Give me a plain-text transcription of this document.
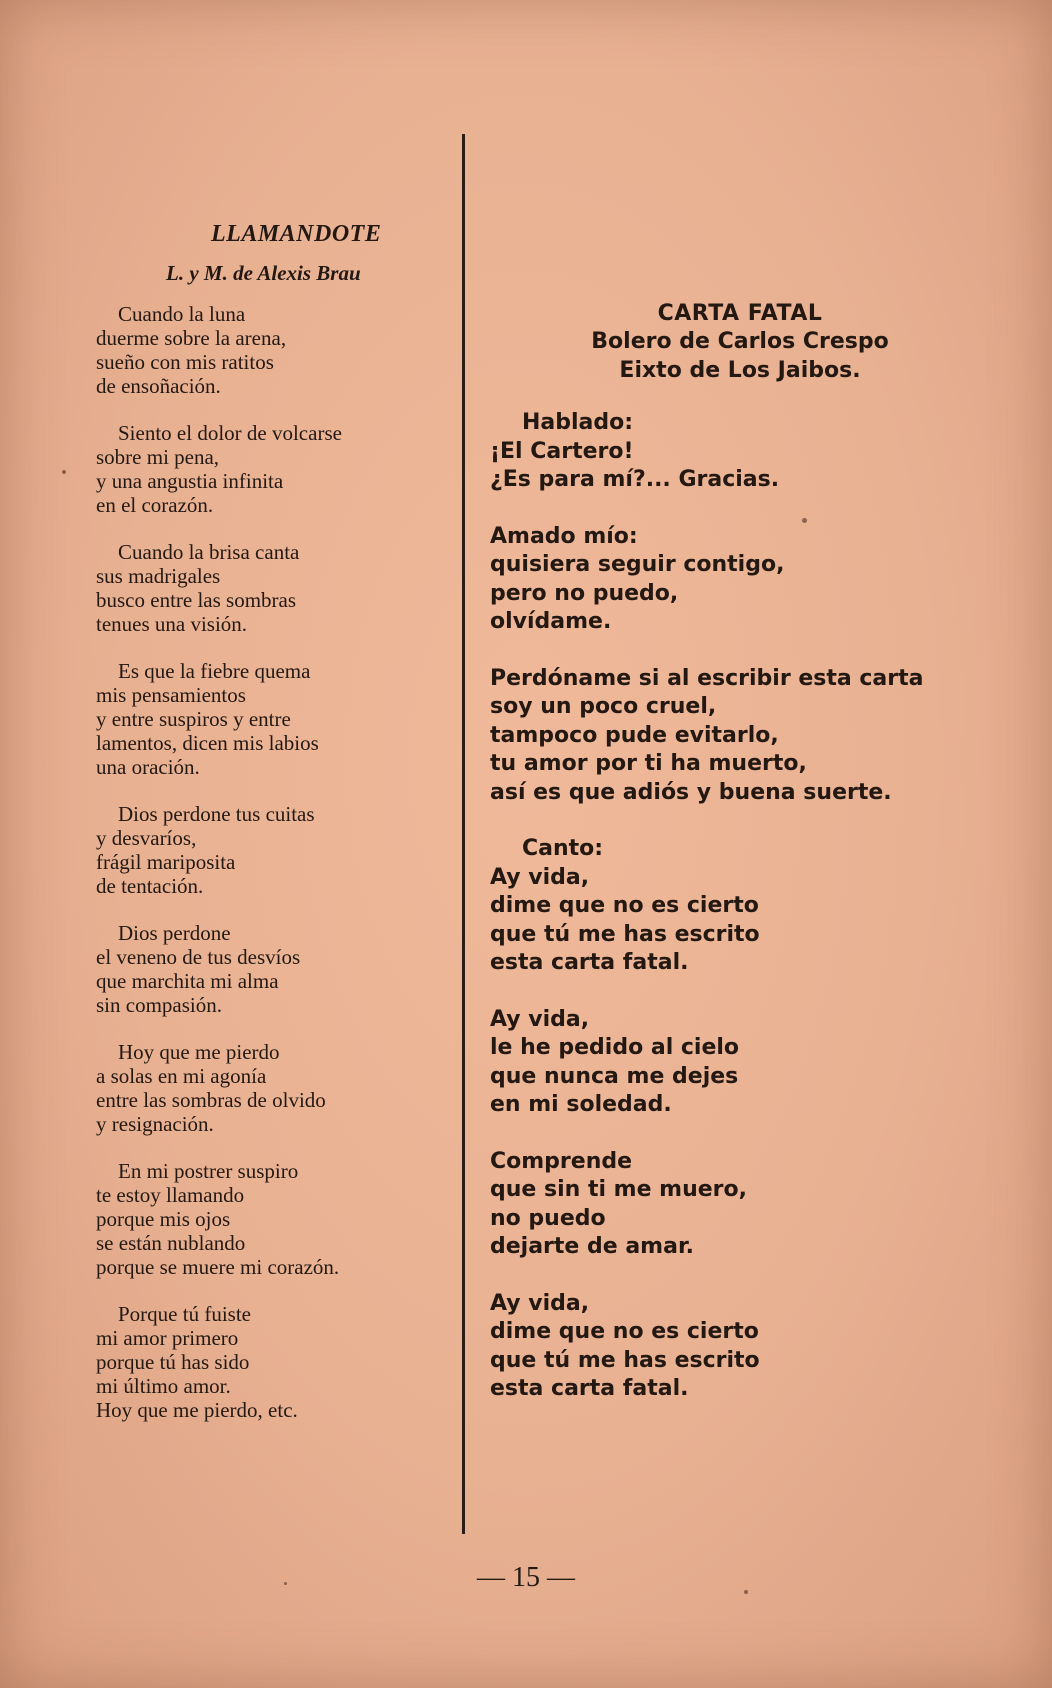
LLAMANDOTE
L. y M. de Alexis Brau
Cuando la luna
duerme sobre la arena,
sueño con mis ratitos
de ensoñación.
Siento el dolor de volcarse
sobre mi pena,
y una angustia infinita
en el corazón.
Cuando la brisa canta
sus madrigales
busco entre las sombras
tenues una visión.
Es que la fiebre quema
mis pensamientos
y entre suspiros y entre
lamentos, dicen mis labios
una oración.
Dios perdone tus cuitas
y desvaríos,
frágil mariposita
de tentación.
Dios perdone
el veneno de tus desvíos
que marchita mi alma
sin compasión.
Hoy que me pierdo
a solas en mi agonía
entre las sombras de olvido
y resignación.
En mi postrer suspiro
te estoy llamando
porque mis ojos
se están nublando
porque se muere mi corazón.
Porque tú fuiste
mi amor primero
porque tú has sido
mi último amor.
Hoy que me pierdo, etc.
CARTA FATAL
Bolero de Carlos Crespo
Eixto de Los Jaibos.
Hablado:
¡El Cartero!
¿Es para mí?... Gracias.
Amado mío:
quisiera seguir contigo,
pero no puedo,
olvídame.
Perdóname si al escribir esta carta
soy un poco cruel,
tampoco pude evitarlo,
tu amor por ti ha muerto,
así es que adiós y buena suerte.
Canto:
Ay vida,
dime que no es cierto
que tú me has escrito
esta carta fatal.
Ay vida,
le he pedido al cielo
que nunca me dejes
en mi soledad.
Comprende
que sin ti me muero,
no puedo
dejarte de amar.
Ay vida,
dime que no es cierto
que tú me has escrito
esta carta fatal.
— 15 —
